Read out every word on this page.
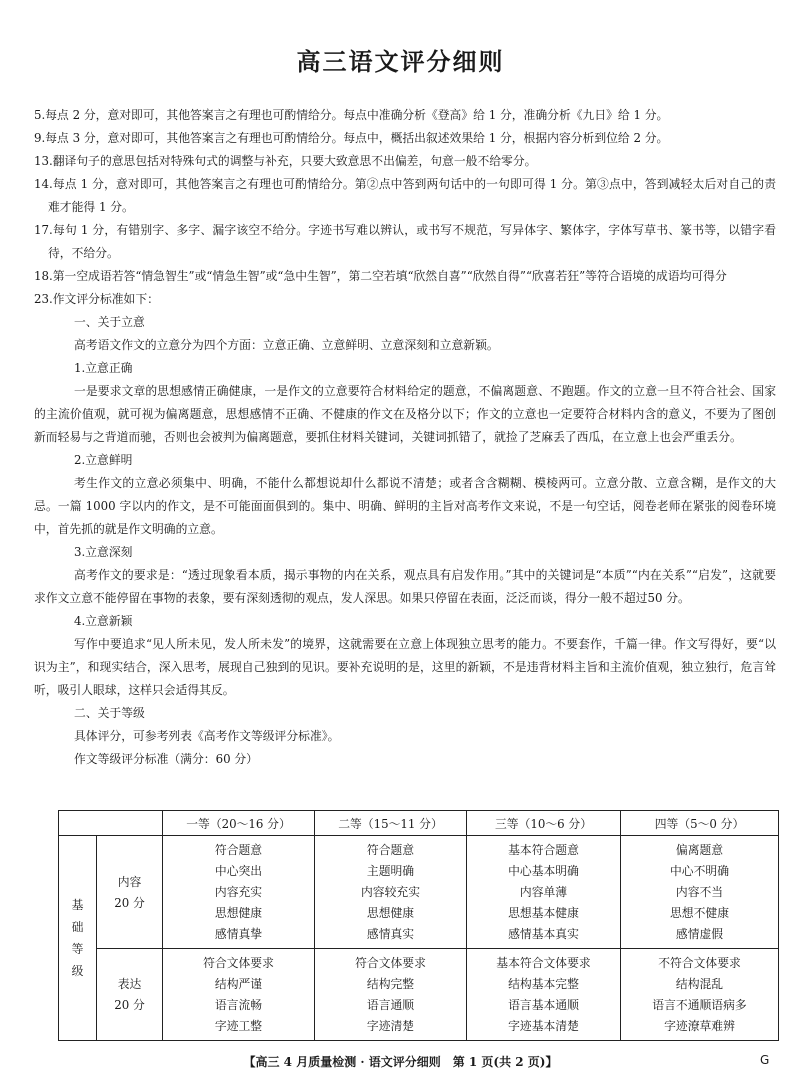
高三语文评分细则

5.每点 2 分，意对即可，其他答案言之有理也可酌情给分。每点中准确分析《登高》给 1 分，准确分析《九日》给 1 分。

9.每点 3 分，意对即可，其他答案言之有理也可酌情给分。每点中，概括出叙述效果给 1 分，根据内容分析到位给 2 分。

13.翻译句子的意思包括对特殊句式的调整与补充，只要大致意思不出偏差，句意一般不给零分。

14.每点 1 分，意对即可，其他答案言之有理也可酌情给分。第②点中答到两句话中的一句即可得 1 分。第③点中，答到减轻太后对自己的责难才能得 1 分。

17.每句 1 分，有错别字、多字、漏字该空不给分。字迹书写难以辨认，或书写不规范，写异体字、繁体字，字体写草书、篆书等，以错字看待，不给分。

18.第一空成语若答“情急智生”或“情急生智”或“急中生智”，第二空若填“欣然自喜”“欣然自得”“欣喜若狂”等符合语境的成语均可得分

23.作文评分标准如下：

一、关于立意

高考语文作文的立意分为四个方面：立意正确、立意鲜明、立意深刻和立意新颖。

1.立意正确

一是要求文章的思想感情正确健康，一是作文的立意要符合材料给定的题意，不偏离题意、不跑题。作文的立意一旦不符合社会、国家的主流价值观，就可视为偏离题意，思想感情不正确、不健康的作文在及格分以下；作文的立意也一定要符合材料内含的意义，不要为了图创新而轻易与之背道而驰，否则也会被判为偏离题意，要抓住材料关键词，关键词抓错了，就捡了芝麻丢了西瓜，在立意上也会严重丢分。

2.立意鲜明

考生作文的立意必须集中、明确，不能什么都想说却什么都说不清楚；或者含含糊糊、模棱两可。立意分散、立意含糊，是作文的大忌。一篇 1000 字以内的作文，是不可能面面俱到的。集中、明确、鲜明的主旨对高考作文来说，不是一句空话，阅卷老师在紧张的阅卷环境中，首先抓的就是作文明确的立意。

3.立意深刻

高考作文的要求是：“透过现象看本质，揭示事物的内在关系，观点具有启发作用。”其中的关键词是“本质”“内在关系”“启发”，这就要求作文立意不能停留在事物的表象，要有深刻透彻的观点，发人深思。如果只停留在表面，泛泛而谈，得分一般不超过50 分。

4.立意新颖

写作中要追求“见人所未见，发人所未发”的境界，这就需要在立意上体现独立思考的能力。不要套作，千篇一律。作文写得好，要“以识为主”，和现实结合，深入思考，展现自己独到的见识。要补充说明的是，这里的新颖，不是违背材料主旨和主流价值观，独立独行，危言耸听，吸引人眼球，这样只会适得其反。

二、关于等级

具体评分，可参考列表《高考作文等级评分标准》。

作文等级评分标准（满分：60 分）

		一等（20～16 分）	二等（15～11 分）	三等（10～6 分）	四等（5～0 分）

基
础
等
级	内容
20 分	符合题意
中心突出
内容充实
思想健康
感情真挚	符合题意
主题明确
内容较充实
思想健康
感情真实	基本符合题意
中心基本明确
内容单薄
思想基本健康
感情基本真实	偏离题意
中心不明确
内容不当
思想不健康
感情虚假

	表达
20 分	符合文体要求
结构严谨
语言流畅
字迹工整	符合文体要求
结构完整
语言通顺
字迹清楚	基本符合文体要求
结构基本完整
语言基本通顺
字迹基本清楚	不符合文体要求
结构混乱
语言不通顺语病多
字迹潦草难辨
【高三 4 月质量检测 · 语文评分细则　第 1 页(共 2 页)】	G
